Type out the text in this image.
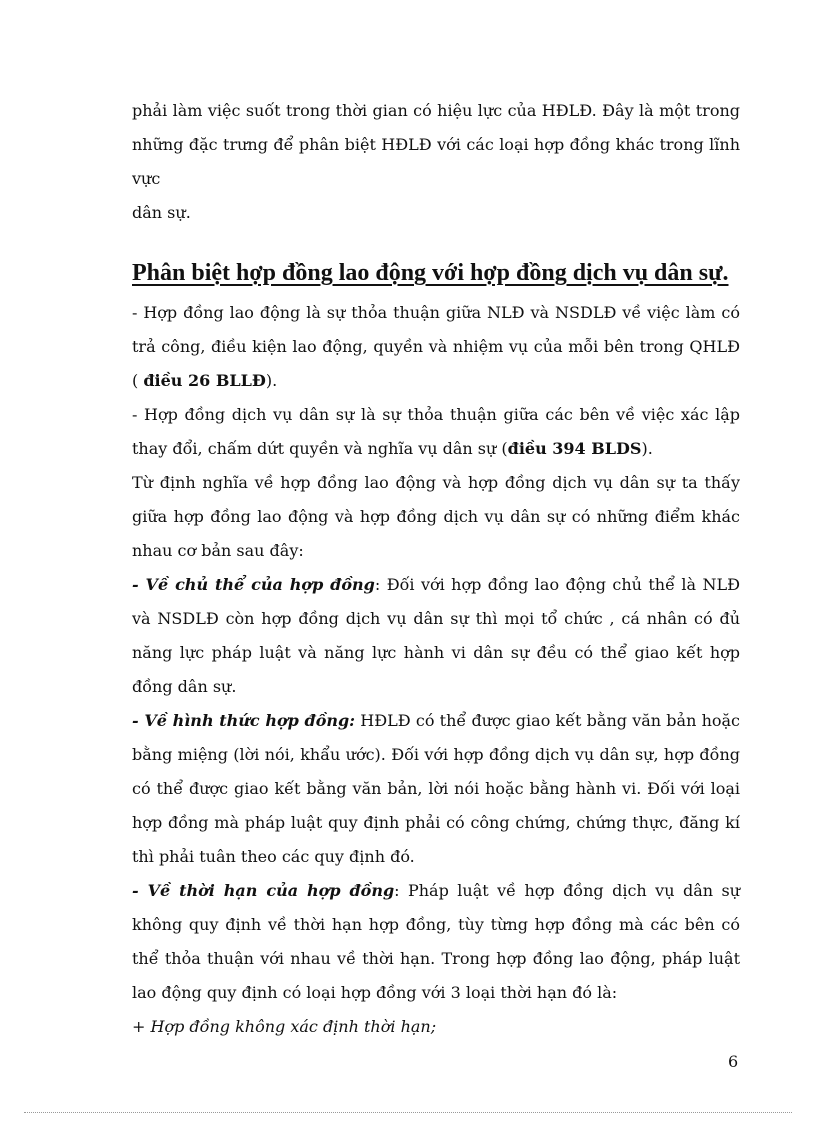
phải làm việc suốt trong thời gian có hiệu lực của HĐLĐ. Đây là một trong

những đặc trưng để phân biệt HĐLĐ với các loại hợp đồng khác trong lĩnh vực

dân sự.

Phân biệt hợp đồng lao động với hợp đồng dịch vụ dân sự.

- Hợp đồng lao động là sự thỏa thuận giữa NLĐ và NSDLĐ về việc làm có trả công, điều kiện lao động, quyền và nhiệm vụ của mỗi bên trong QHLĐ ( điều 26 BLLĐ).

- Hợp đồng dịch vụ dân sự là sự thỏa thuận giữa các bên về việc xác lập thay đổi, chấm dứt quyền và nghĩa vụ dân sự (điều 394 BLDS).

Từ định nghĩa về hợp đồng lao động và hợp đồng dịch vụ dân sự ta thấy giữa hợp đồng lao động và hợp đồng dịch vụ dân sự có những điểm khác nhau cơ bản sau đây:

- Về chủ thể của hợp đồng: Đối với hợp đồng lao động chủ thể là NLĐ và NSDLĐ còn hợp đồng dịch vụ dân sự thì mọi tổ chức , cá nhân có đủ năng lực pháp luật và năng lực hành vi dân sự đều có thể giao kết hợp đồng dân sự.

- Về hình thức hợp đồng: HĐLĐ có thể được giao kết bằng văn bản hoặc bằng miệng (lời nói, khẩu ước). Đối với hợp đồng dịch vụ dân sự, hợp đồng có thể được giao kết bằng văn bản, lời nói hoặc bằng hành vi. Đối với loại hợp đồng mà pháp luật quy định phải có công chứng, chứng thực, đăng kí thì phải tuân theo các quy định đó.

- Về thời hạn của hợp đồng: Pháp luật về hợp đồng dịch vụ dân sự không quy định về thời hạn hợp đồng, tùy từng hợp đồng mà các bên có thể thỏa thuận với nhau về thời hạn. Trong hợp đồng lao động, pháp luật lao động quy định có loại hợp đồng với 3 loại thời hạn đó là:

+ Hợp đồng không xác định thời hạn;

6
